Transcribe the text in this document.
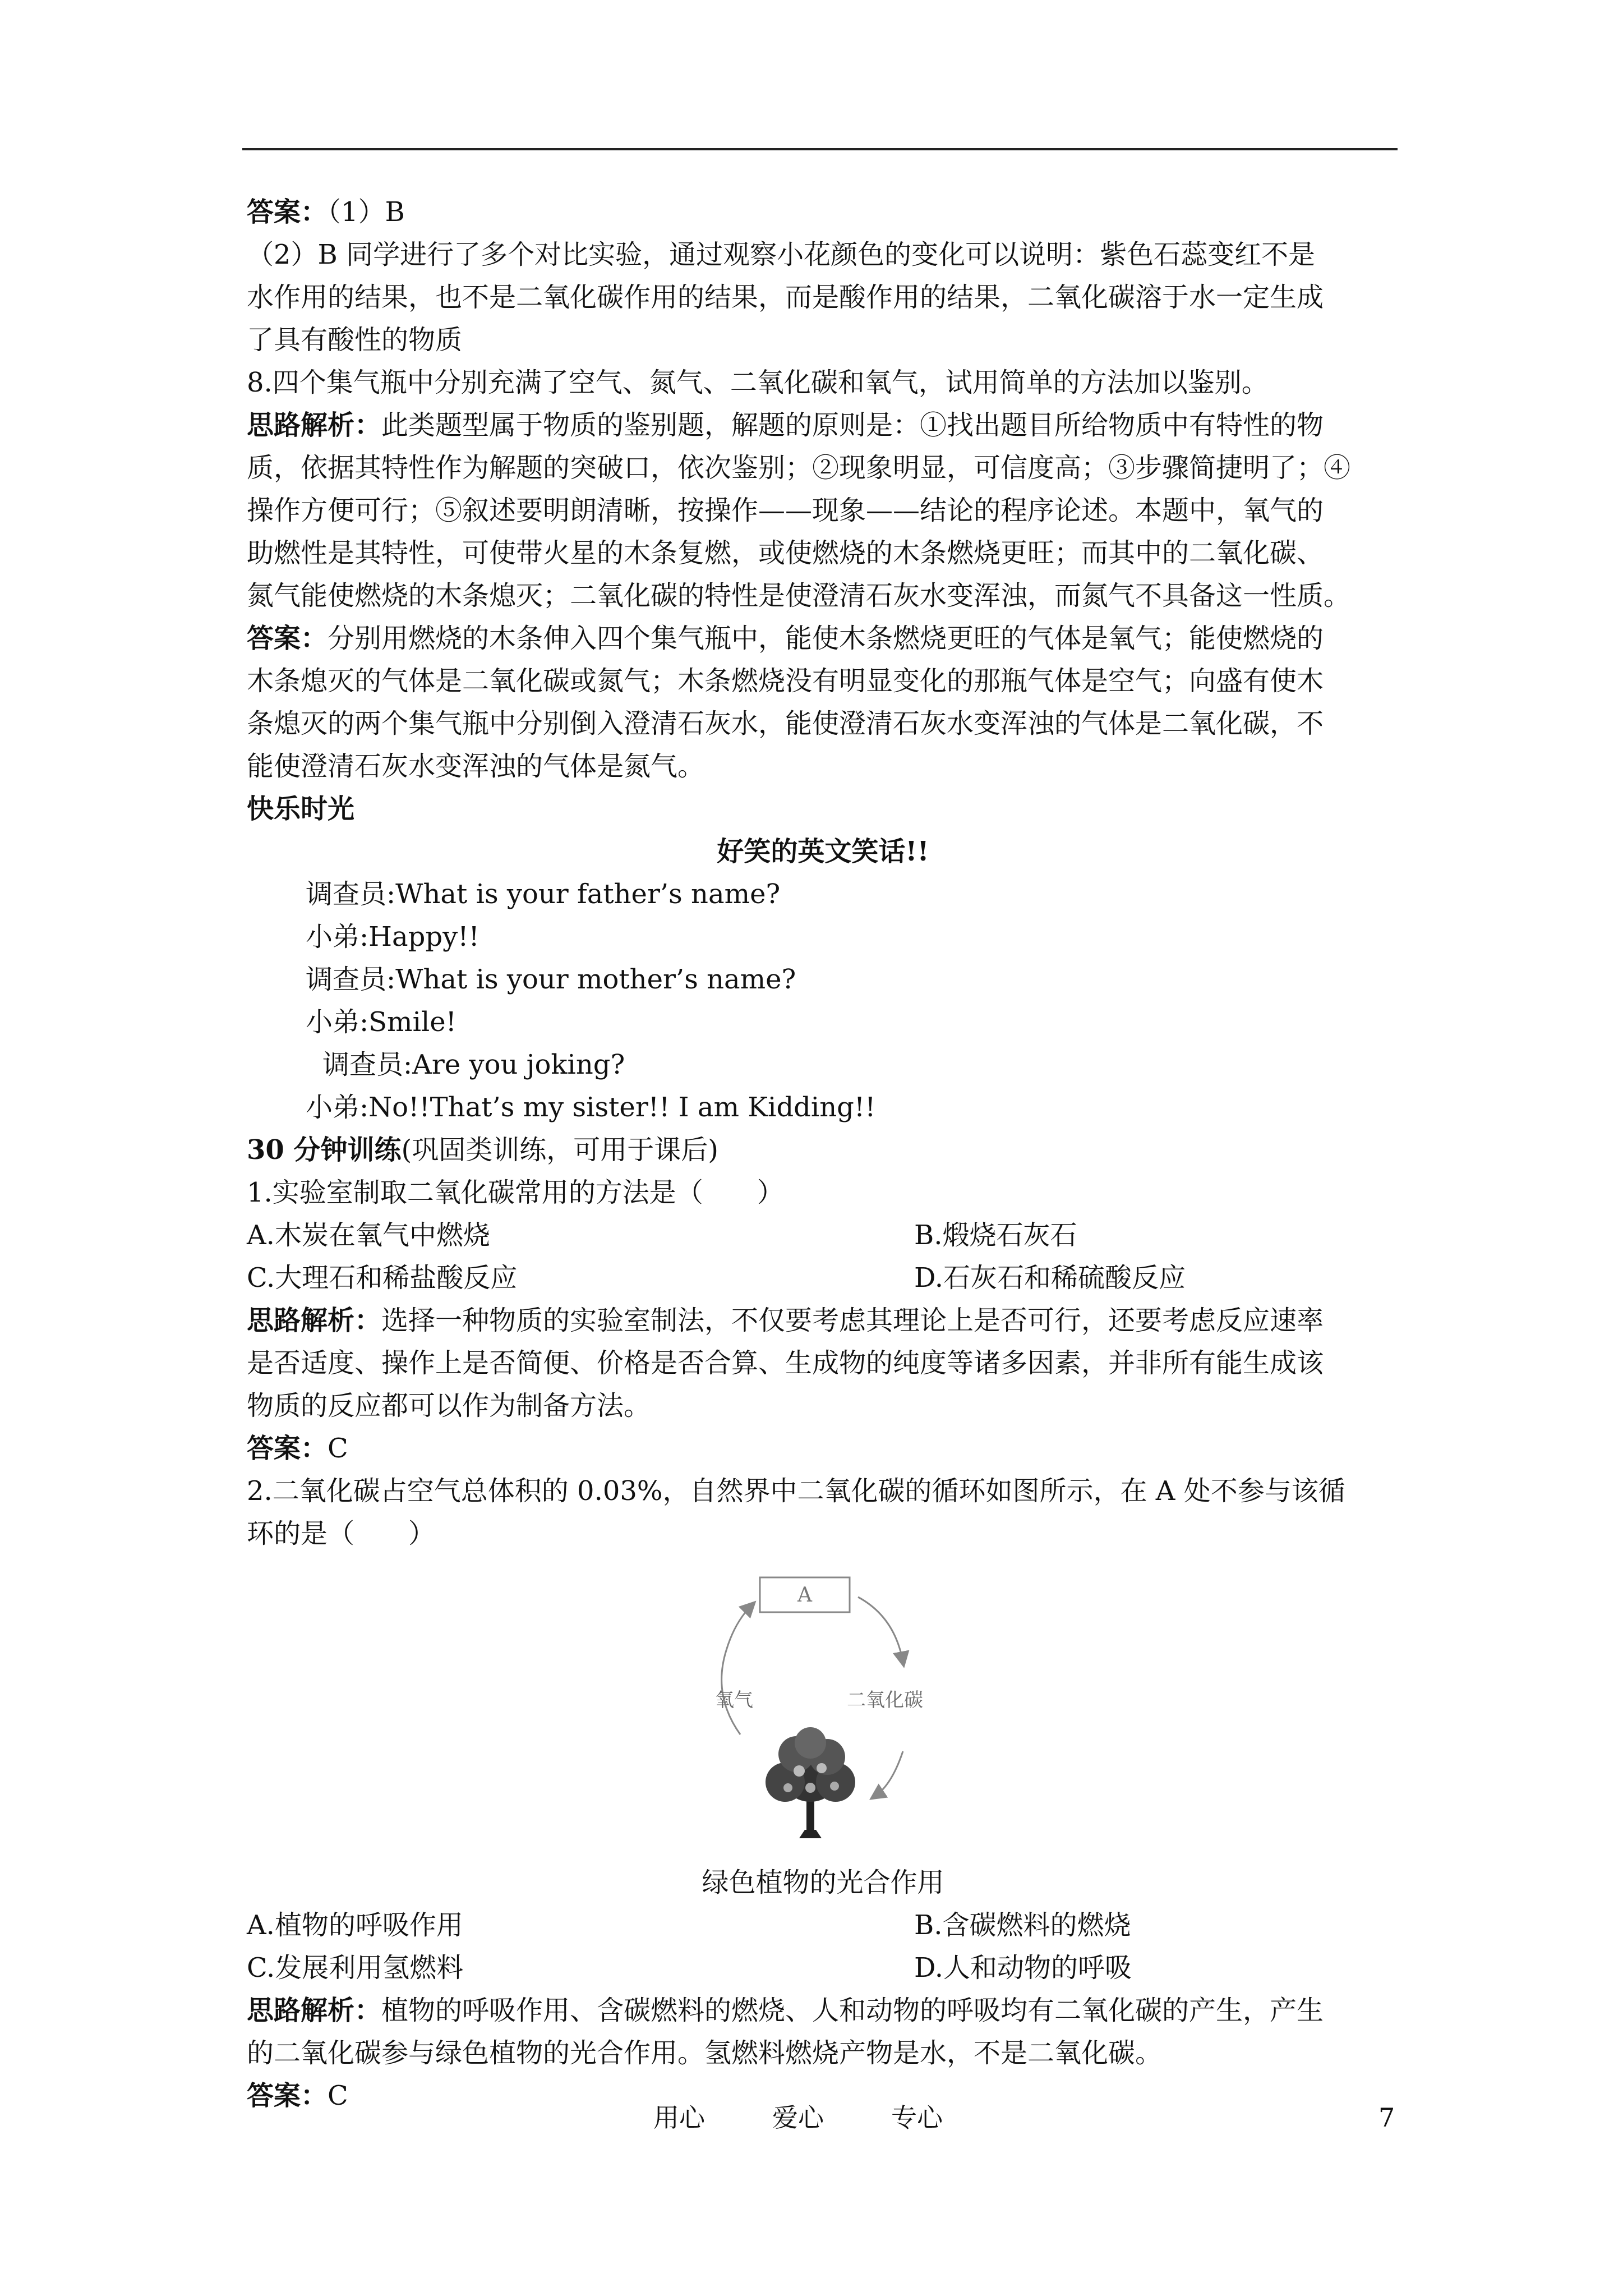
答案：（1）B

（2）B 同学进行了多个对比实验，通过观察小花颜色的变化可以说明：紫色石蕊变红不是

水作用的结果，也不是二氧化碳作用的结果，而是酸作用的结果，二氧化碳溶于水一定生成

了具有酸性的物质

8.四个集气瓶中分别充满了空气、氮气、二氧化碳和氧气，试用简单的方法加以鉴别。

思路解析：此类题型属于物质的鉴别题，解题的原则是：①找出题目所给物质中有特性的物

质，依据其特性作为解题的突破口，依次鉴别；②现象明显，可信度高；③步骤简捷明了；④

操作方便可行；⑤叙述要明朗清晰，按操作——现象——结论的程序论述。本题中，氧气的

助燃性是其特性，可使带火星的木条复燃，或使燃烧的木条燃烧更旺；而其中的二氧化碳、

氮气能使燃烧的木条熄灭；二氧化碳的特性是使澄清石灰水变浑浊，而氮气不具备这一性质。

答案：分别用燃烧的木条伸入四个集气瓶中，能使木条燃烧更旺的气体是氧气；能使燃烧的

木条熄灭的气体是二氧化碳或氮气；木条燃烧没有明显变化的那瓶气体是空气；向盛有使木

条熄灭的两个集气瓶中分别倒入澄清石灰水，能使澄清石灰水变浑浊的气体是二氧化碳，不

能使澄清石灰水变浑浊的气体是氮气。

快乐时光

好笑的英文笑话!!

调查员:What is your father’s name?

小弟:Happy!!

调查员:What is your mother’s name?

小弟:Smile!

调查员:Are you joking?

小弟:No!!That’s my sister!! I am Kidding!!

30 分钟训练(巩固类训练，可用于课后)

1.实验室制取二氧化碳常用的方法是（　　）

A.木炭在氧气中燃烧	B.煅烧石灰石
C.大理石和稀盐酸反应	D.石灰石和稀硫酸反应

思路解析：选择一种物质的实验室制法，不仅要考虑其理论上是否可行，还要考虑反应速率

是否适度、操作上是否简便、价格是否合算、生成物的纯度等诸多因素，并非所有能生成该

物质的反应都可以作为制备方法。

答案：C

2.二氧化碳占空气总体积的 0.03%，自然界中二氧化碳的循环如图所示，在 A 处不参与该循

环的是（　　）

A
氧气	二氧化碳

绿色植物的光合作用

A.植物的呼吸作用	B.含碳燃料的燃烧
C.发展利用氢燃料	D.人和动物的呼吸

思路解析：植物的呼吸作用、含碳燃料的燃烧、人和动物的呼吸均有二氧化碳的产生，产生

的二氧化碳参与绿色植物的光合作用。氢燃料燃烧产物是水，不是二氧化碳。

答案：C

用心	爱心	专心	7
